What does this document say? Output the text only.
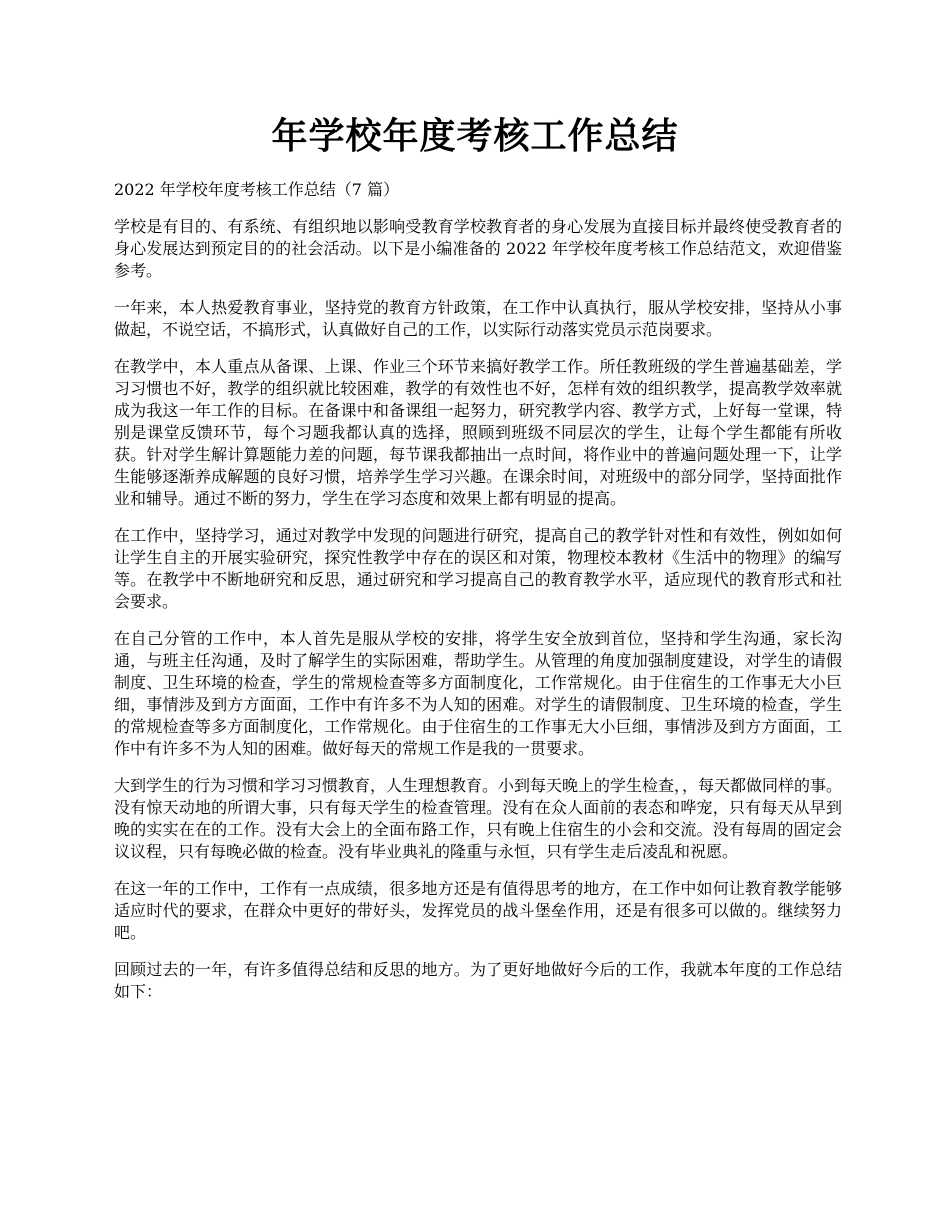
年学校年度考核工作总结

2022 年学校年度考核工作总结（7 篇）

学校是有目的、有系统、有组织地以影响受教育学校教育者的身心发展为直接目标并最终使受教育者的身心发展达到预定目的的社会活动。以下是小编准备的 2022 年学校年度考核工作总结范文，欢迎借鉴参考。

一年来，本人热爱教育事业，坚持党的教育方针政策，在工作中认真执行，服从学校安排，坚持从小事做起，不说空话，不搞形式，认真做好自己的工作，以实际行动落实党员示范岗要求。

在教学中，本人重点从备课、上课、作业三个环节来搞好教学工作。所任教班级的学生普遍基础差，学习习惯也不好，教学的组织就比较困难，教学的有效性也不好，怎样有效的组织教学，提高教学效率就成为我这一年工作的目标。在备课中和备课组一起努力，研究教学内容、教学方式，上好每一堂课，特别是课堂反馈环节，每个习题我都认真的选择，照顾到班级不同层次的学生，让每个学生都能有所收获。针对学生解计算题能力差的问题，每节课我都抽出一点时间，将作业中的普遍问题处理一下，让学生能够逐渐养成解题的良好习惯，培养学生学习兴趣。在课余时间，对班级中的部分同学，坚持面批作业和辅导。通过不断的努力，学生在学习态度和效果上都有明显的提高。

在工作中，坚持学习，通过对教学中发现的问题进行研究，提高自己的教学针对性和有效性，例如如何让学生自主的开展实验研究，探究性教学中存在的误区和对策，物理校本教材《生活中的物理》的编写等。在教学中不断地研究和反思，通过研究和学习提高自己的教育教学水平，适应现代的教育形式和社会要求。

在自己分管的工作中，本人首先是服从学校的安排，将学生安全放到首位，坚持和学生沟通，家长沟通，与班主任沟通，及时了解学生的实际困难，帮助学生。从管理的角度加强制度建设，对学生的请假制度、卫生环境的检查，学生的常规检查等多方面制度化，工作常规化。由于住宿生的工作事无大小巨细，事情涉及到方方面面，工作中有许多不为人知的困难。对学生的请假制度、卫生环境的检查，学生的常规检查等多方面制度化，工作常规化。由于住宿生的工作事无大小巨细，事情涉及到方方面面，工作中有许多不为人知的困难。做好每天的常规工作是我的一贯要求。

大到学生的行为习惯和学习习惯教育，人生理想教育。小到每天晚上的学生检查，，每天都做同样的事。没有惊天动地的所谓大事，只有每天学生的检查管理。没有在众人面前的表态和哗宠，只有每天从早到晚的实实在在的工作。没有大会上的全面布路工作，只有晚上住宿生的小会和交流。没有每周的固定会议议程，只有每晚必做的检查。没有毕业典礼的隆重与永恒，只有学生走后凌乱和祝愿。

在这一年的工作中，工作有一点成绩，很多地方还是有值得思考的地方，在工作中如何让教育教学能够适应时代的要求，在群众中更好的带好头，发挥党员的战斗堡垒作用，还是有很多可以做的。继续努力吧。

回顾过去的一年，有许多值得总结和反思的地方。为了更好地做好今后的工作，我就本年度的工作总结如下：
